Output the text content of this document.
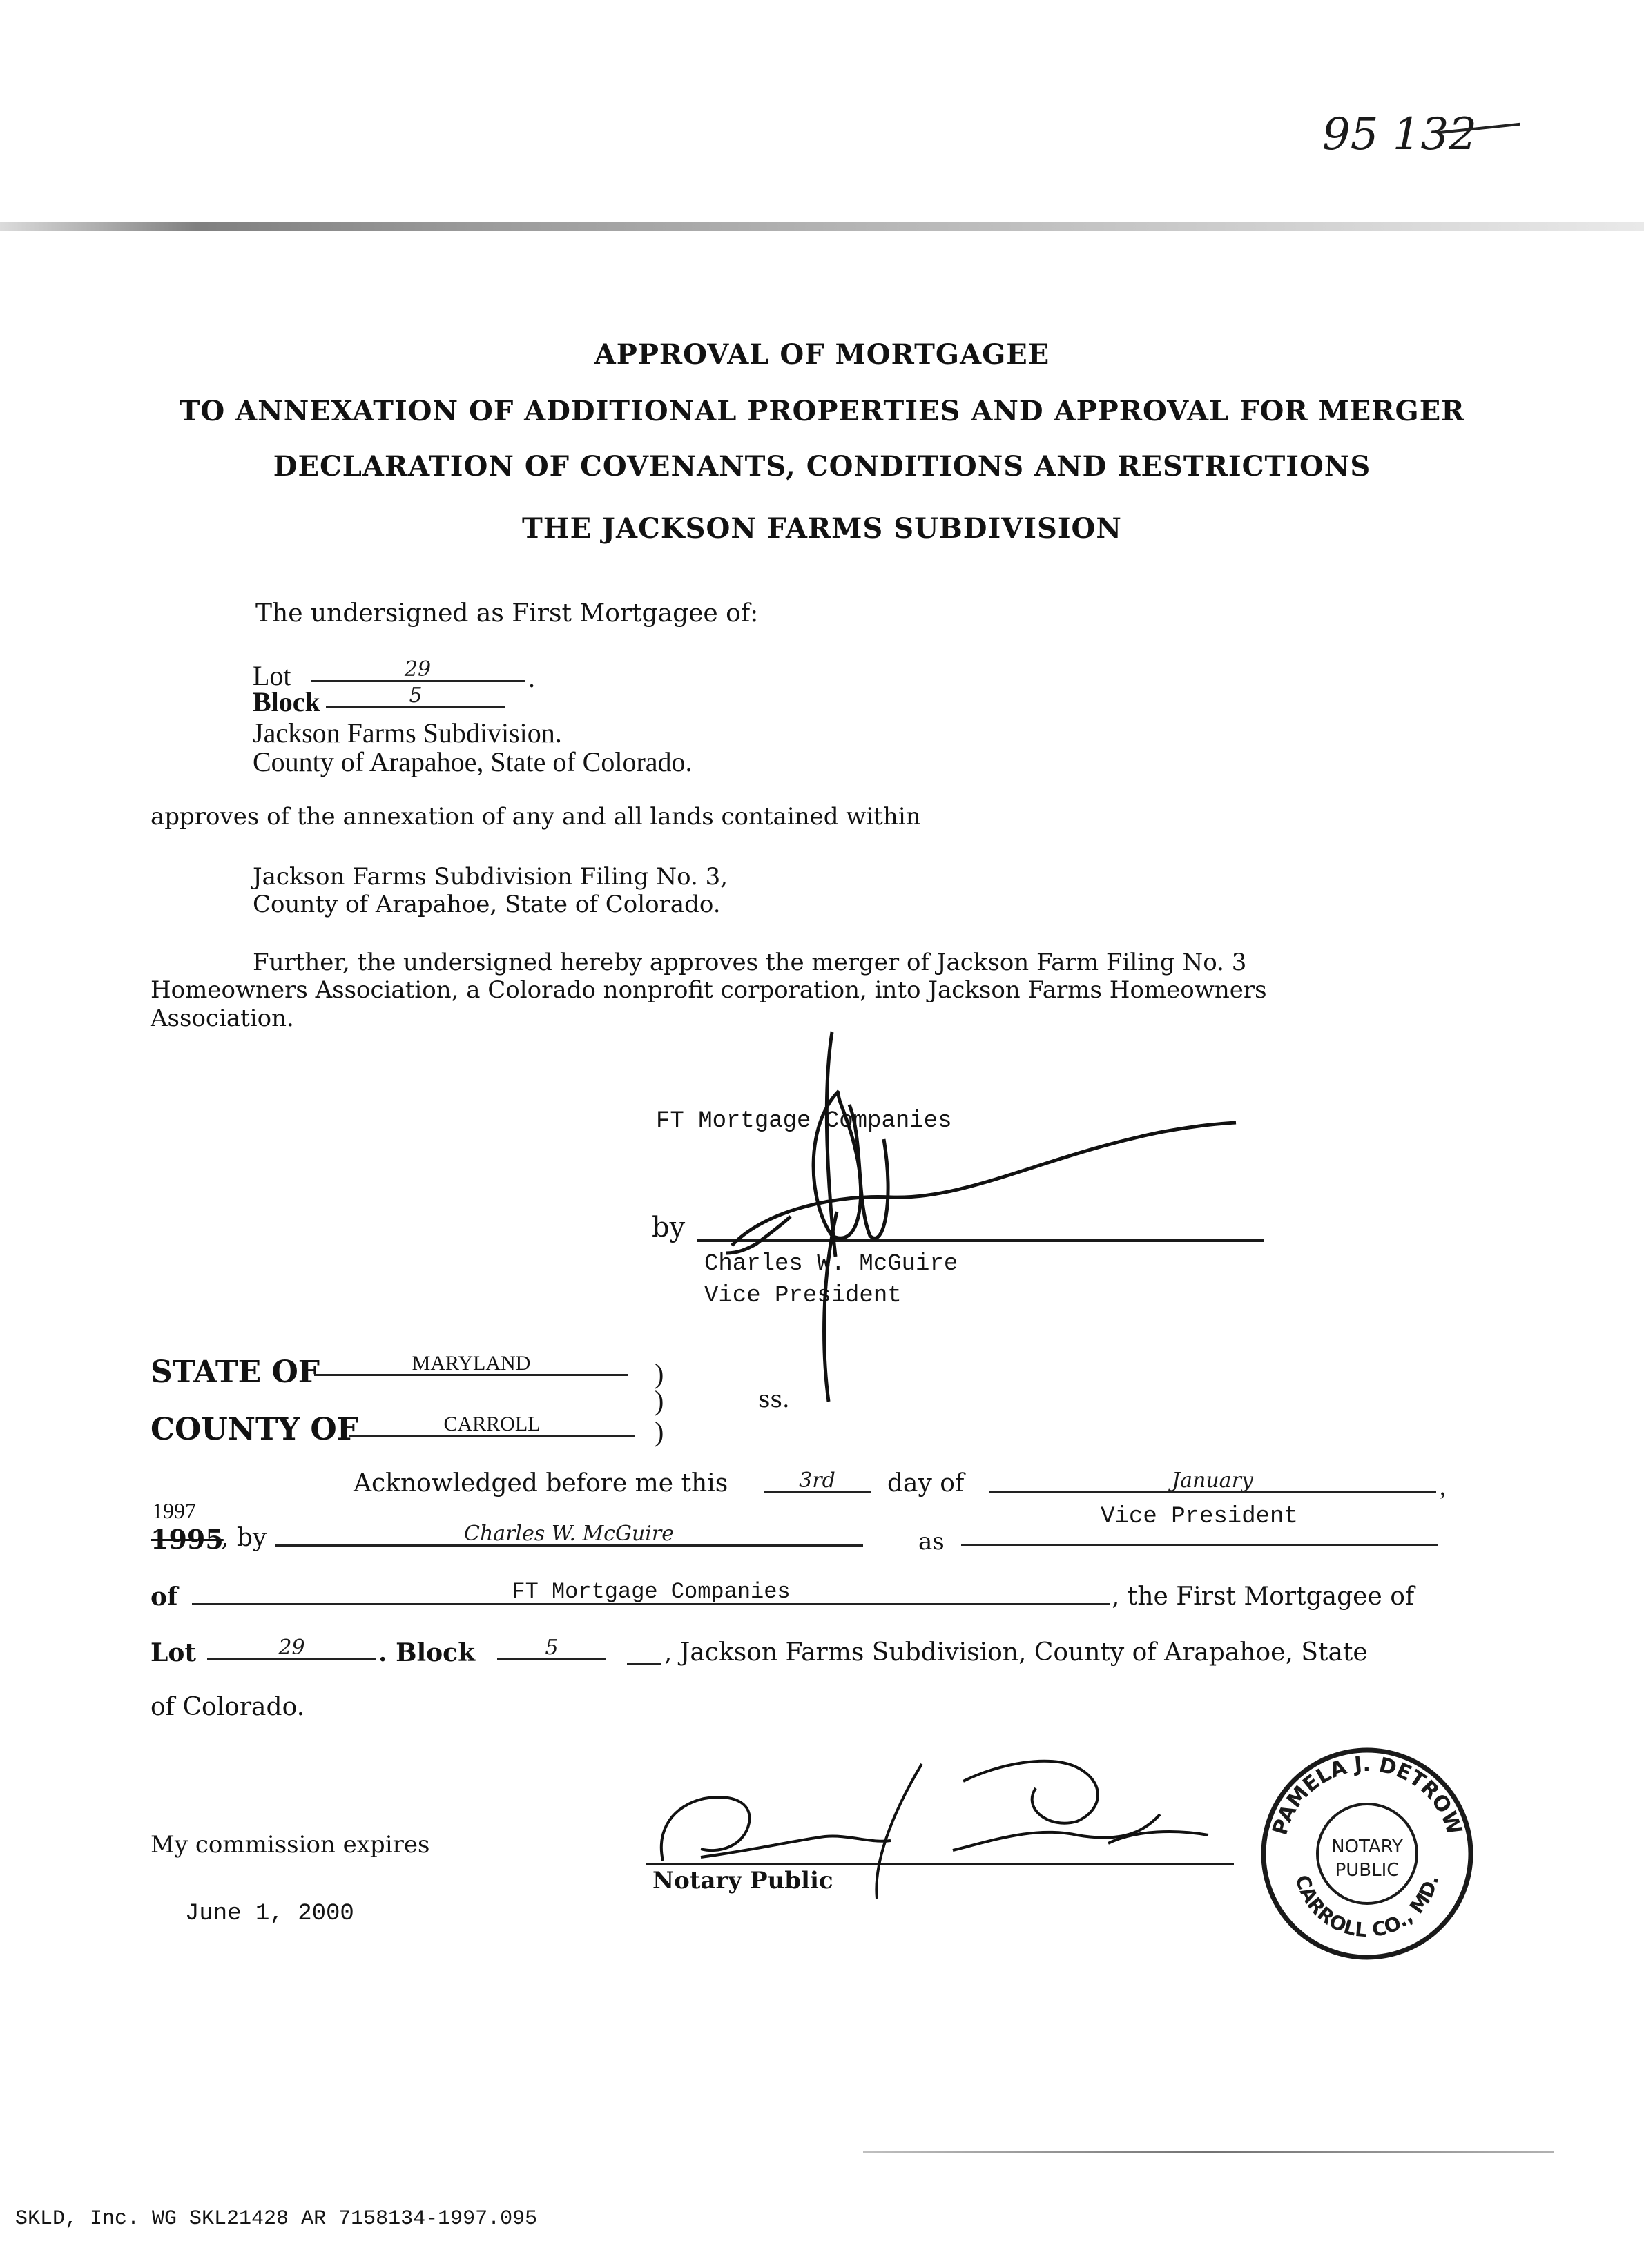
95 132
APPROVAL OF MORTGAGEE
TO ANNEXATION OF ADDITIONAL PROPERTIES AND APPROVAL FOR MERGER
DECLARATION OF COVENANTS, CONDITIONS AND RESTRICTIONS
THE JACKSON FARMS SUBDIVISION
The undersigned as First Mortgagee of:
Lot	29	.
Block	5
Jackson Farms Subdivision.
County of Arapahoe, State of Colorado.
approves of the annexation of any and all lands contained within
Jackson Farms Subdivision Filing No. 3,
County of Arapahoe, State of Colorado.
Further, the undersigned hereby approves the merger of Jackson Farm Filing No. 3
Homeowners Association, a Colorado nonprofit corporation, into Jackson Farms Homeowners
Association.
FT Mortgage Companies
by
Charles W. McGuire
Vice President
STATE OF	MARYLAND	)
COUNTY OF	CARROLL
)
)
ss.
Acknowledged before me this	3rd	day of	January	,
1997
1995
, by	Charles W. McGuire	as
Vice President
of	FT Mortgage Companies	, the First Mortgagee of
Lot	29	. Block	5	, Jackson Farms Subdivision, County of Arapahoe, State
of Colorado.
My commission expires
June 1, 2000
Notary Public
PAMELA J. DETROW
CARROLL CO., MD.
NOTARY
PUBLIC
SKLD, Inc. WG SKL21428 AR 7158134-1997.095
